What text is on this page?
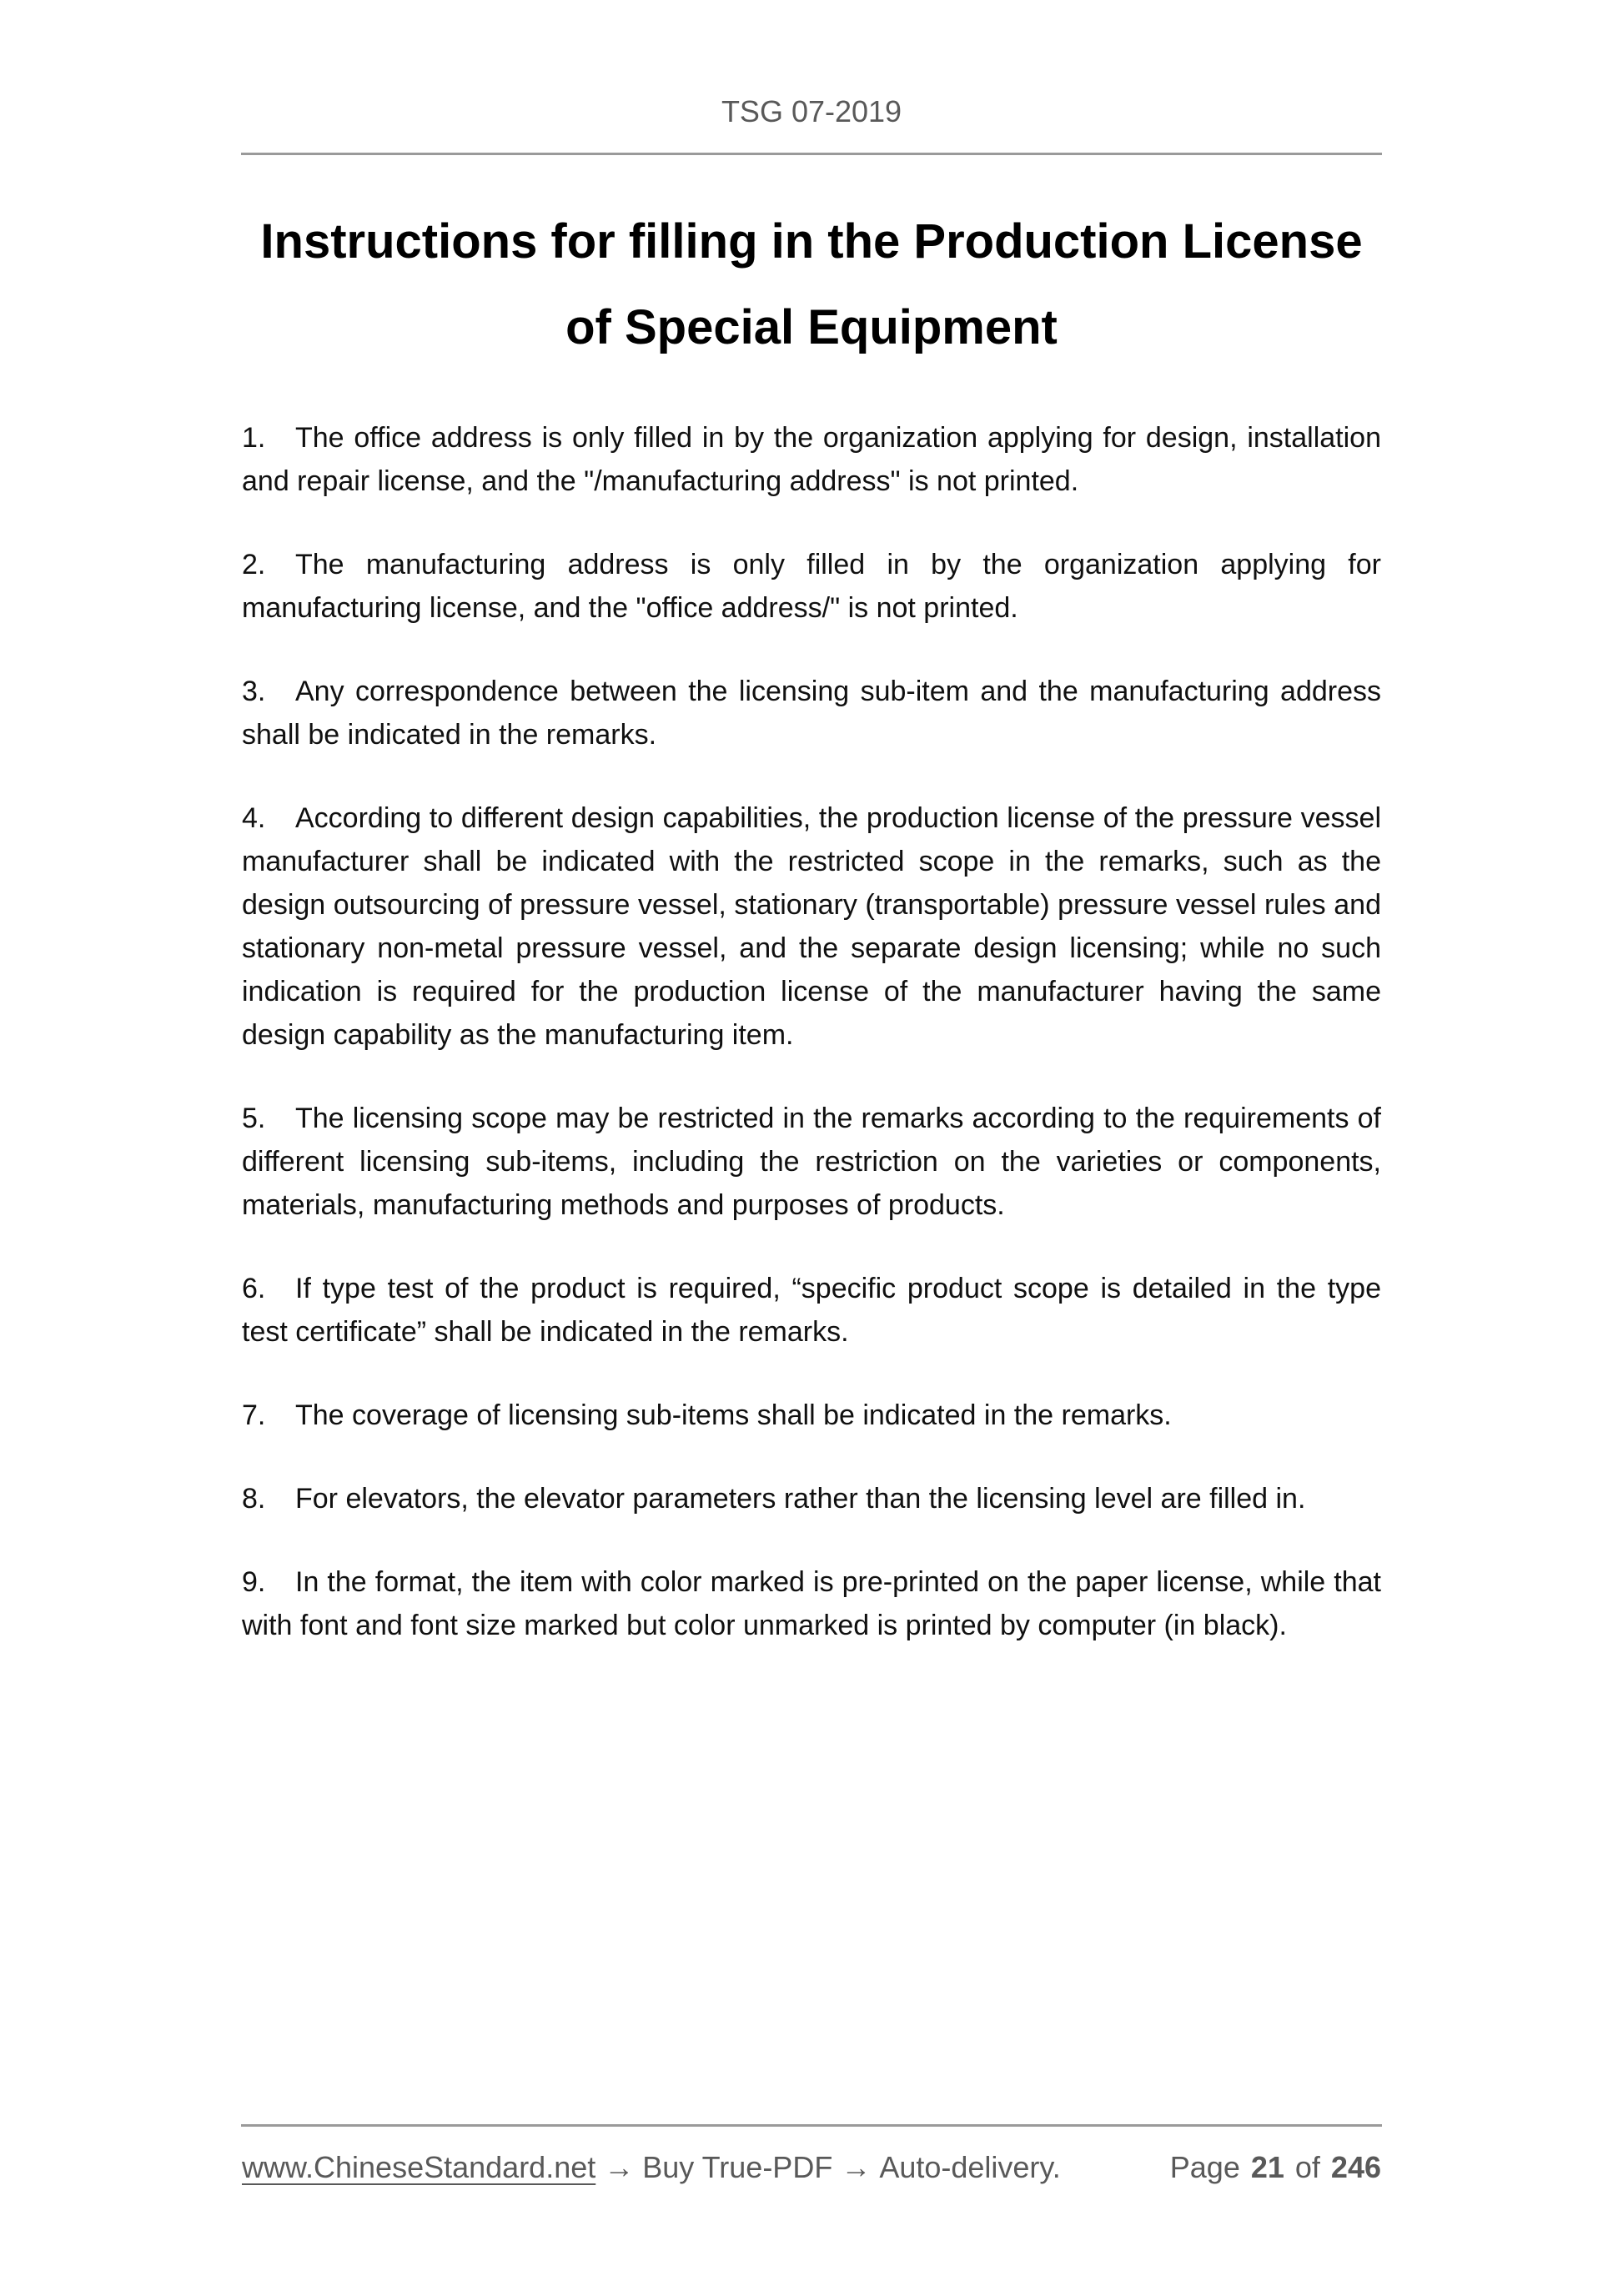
TSG 07-2019
Instructions for filling in the Production License
of Special Equipment

1. The office address is only filled in by the organization applying for design, installation and repair license, and the "/manufacturing address" is not printed.

2. The manufacturing address is only filled in by the organization applying for manufacturing license, and the "office address/" is not printed.

3. Any correspondence between the licensing sub-item and the manufacturing address shall be indicated in the remarks.

4. According to different design capabilities, the production license of the pressure vessel manufacturer shall be indicated with the restricted scope in the remarks, such as the design outsourcing of pressure vessel, stationary (transportable) pressure vessel rules and stationary non-metal pressure vessel, and the separate design licensing; while no such indication is required for the production license of the manufacturer having the same design capability as the manufacturing item.

5. The licensing scope may be restricted in the remarks according to the requirements of different licensing sub-items, including the restriction on the varieties or components, materials, manufacturing methods and purposes of products.

6. If type test of the product is required, “specific product scope is detailed in the type test certificate” shall be indicated in the remarks.

7. The coverage of licensing sub-items shall be indicated in the remarks.

8. For elevators, the elevator parameters rather than the licensing level are filled in.

9. In the format, the item with color marked is pre-printed on the paper license, while that with font and font size marked but color unmarked is printed by computer (in black).

www.ChineseStandard.net → Buy True-PDF → Auto-delivery.	Page 21 of 246
